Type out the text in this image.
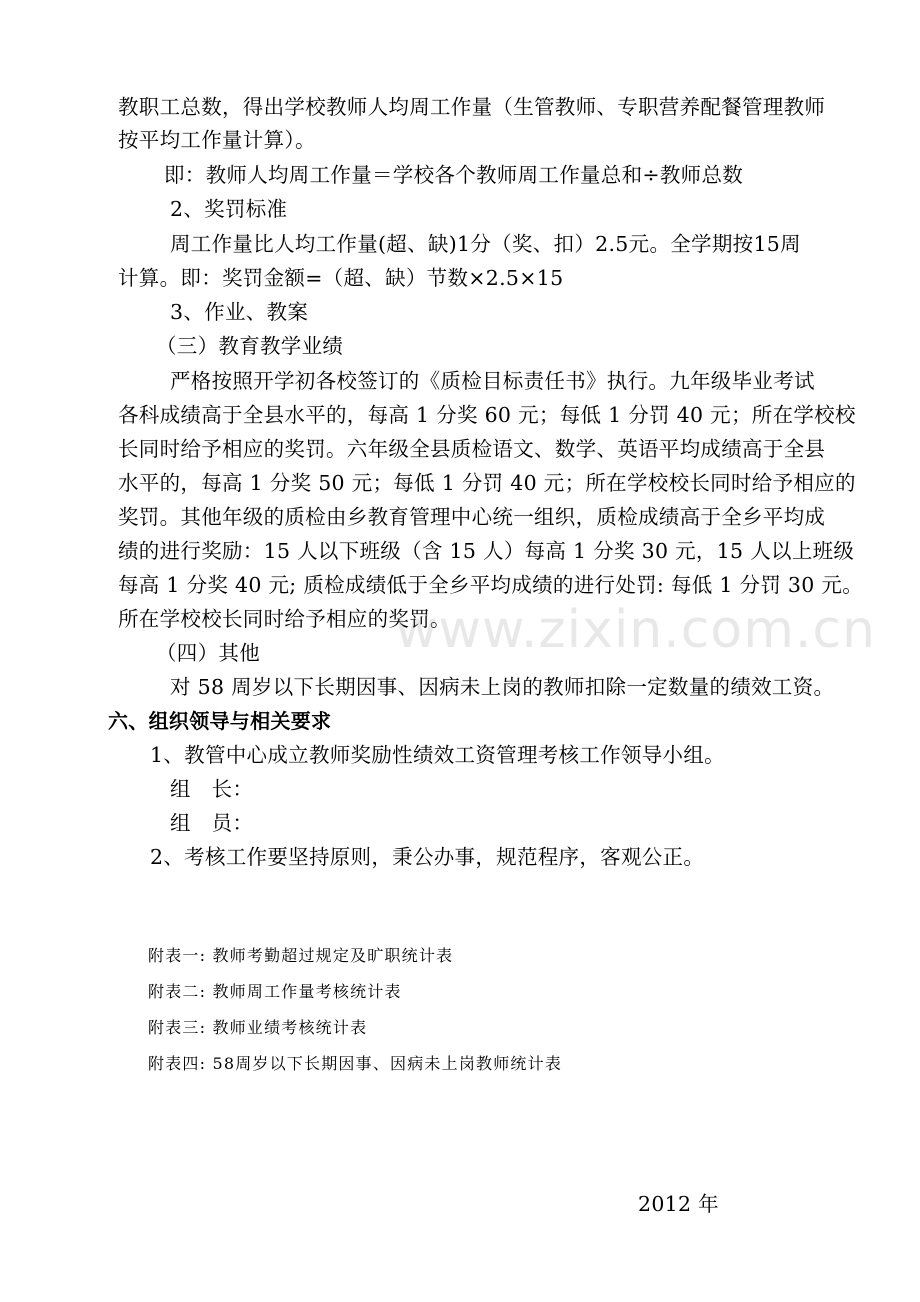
教职工总数，得出学校教师人均周工作量（生管教师、专职营养配餐管理教师
按平均工作量计算）。
即：教师人均周工作量＝学校各个教师周工作量总和÷教师总数
2、奖罚标准
周工作量比人均工作量(超、缺)1分（奖、扣）2.5元。全学期按15周
计算。即：奖罚金额=（超、缺）节数×2.5×15
3、作业、教案
（三）教育教学业绩
严格按照开学初各校签订的《质检目标责任书》执行。九年级毕业考试
各科成绩高于全县水平的，每高 1 分奖 60 元；每低 1 分罚 40 元；所在学校校
长同时给予相应的奖罚。六年级全县质检语文、数学、英语平均成绩高于全县
水平的，每高 1 分奖 50 元；每低 1 分罚 40 元；所在学校校长同时给予相应的
奖罚。其他年级的质检由乡教育管理中心统一组织，质检成绩高于全乡平均成
绩的进行奖励：15 人以下班级（含 15 人）每高 1 分奖 30 元，15 人以上班级
每高 1 分奖 40 元; 质检成绩低于全乡平均成绩的进行处罚: 每低 1 分罚 30 元。
所在学校校长同时给予相应的奖罚。
（四）其他
对 58 周岁以下长期因事、因病未上岗的教师扣除一定数量的绩效工资。
六、组织领导与相关要求
1、教管中心成立教师奖励性绩效工资管理考核工作领导小组。
组　长：
组　员：
2、考核工作要坚持原则，秉公办事，规范程序，客观公正。
附表一: 教师考勤超过规定及旷职统计表
附表二: 教师周工作量考核统计表
附表三: 教师业绩考核统计表
附表四: 58周岁以下长期因事、因病未上岗教师统计表
2012 年
www.zixin.com.cn
